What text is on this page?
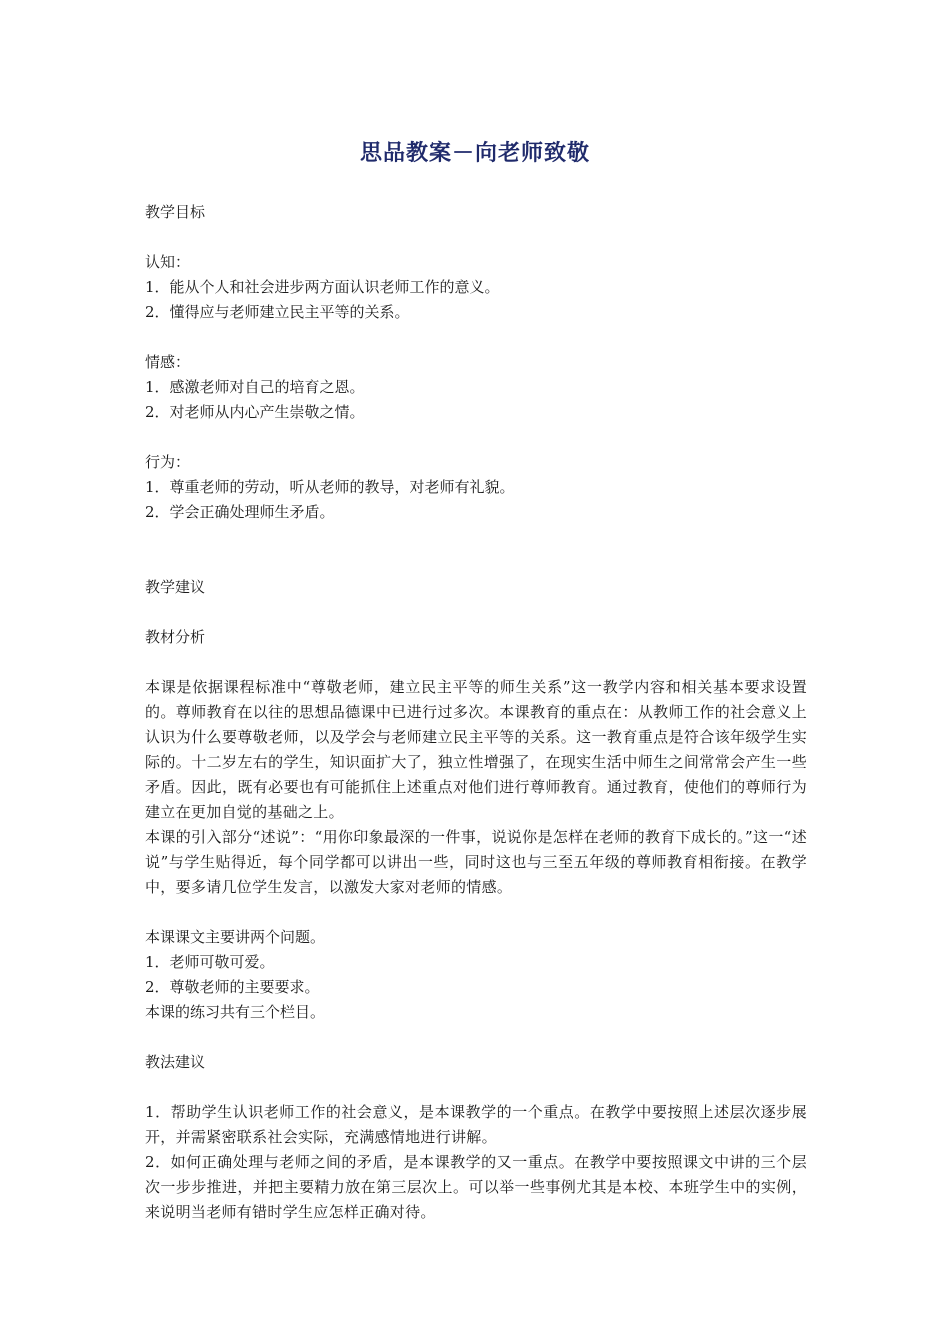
思品教案－向老师致敬

教学目标

认知：

1．能从个人和社会进步两方面认识老师工作的意义。

2．懂得应与老师建立民主平等的关系。

情感：

1．感激老师对自己的培育之恩。

2．对老师从内心产生崇敬之情。

行为：

1．尊重老师的劳动，听从老师的教导，对老师有礼貌。

2．学会正确处理师生矛盾。

教学建议

教材分析

本课是依据课程标准中“尊敬老师，建立民主平等的师生关系”这一教学内容和相关基本要求设置的。尊师教育在以往的思想品德课中已进行过多次。本课教育的重点在：从教师工作的社会意义上认识为什么要尊敬老师，以及学会与老师建立民主平等的关系。这一教育重点是符合该年级学生实际的。十二岁左右的学生，知识面扩大了，独立性增强了，在现实生活中师生之间常常会产生一些矛盾。因此，既有必要也有可能抓住上述重点对他们进行尊师教育。通过教育，使他们的尊师行为建立在更加自觉的基础之上。

本课的引入部分“述说”：“用你印象最深的一件事，说说你是怎样在老师的教育下成长的。”这一“述说”与学生贴得近，每个同学都可以讲出一些，同时这也与三至五年级的尊师教育相衔接。在教学中，要多请几位学生发言，以激发大家对老师的情感。

本课课文主要讲两个问题。

1．老师可敬可爱。

2．尊敬老师的主要要求。

本课的练习共有三个栏目。

教法建议

1．帮助学生认识老师工作的社会意义，是本课教学的一个重点。在教学中要按照上述层次逐步展开，并需紧密联系社会实际，充满感情地进行讲解。

2．如何正确处理与老师之间的矛盾，是本课教学的又一重点。在教学中要按照课文中讲的三个层次一步步推进，并把主要精力放在第三层次上。可以举一些事例尤其是本校、本班学生中的实例，来说明当老师有错时学生应怎样正确对待。
